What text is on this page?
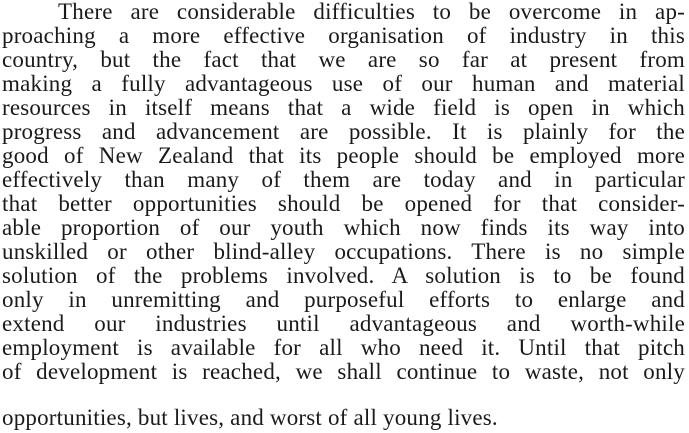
There are considerable difficulties to be overcome in ap-
proaching a more effective organisation of industry in this
country, but the fact that we are so far at present from
making a fully advantageous use of our human and material
resources in itself means that a wide field is open in which
progress and advancement are possible. It is plainly for the
good of New Zealand that its people should be employed more
effectively than many of them are today and in particular
that better opportunities should be opened for that consider-
able proportion of our youth which now finds its way into
unskilled or other blind-alley occupations. There is no simple
solution of the problems involved. A solution is to be found
only in unremitting and purposeful efforts to enlarge and
extend our industries until advantageous and worth-while
employment is available for all who need it. Until that pitch
of development is reached, we shall continue to waste, not only
opportunities, but lives, and worst of all young lives.
